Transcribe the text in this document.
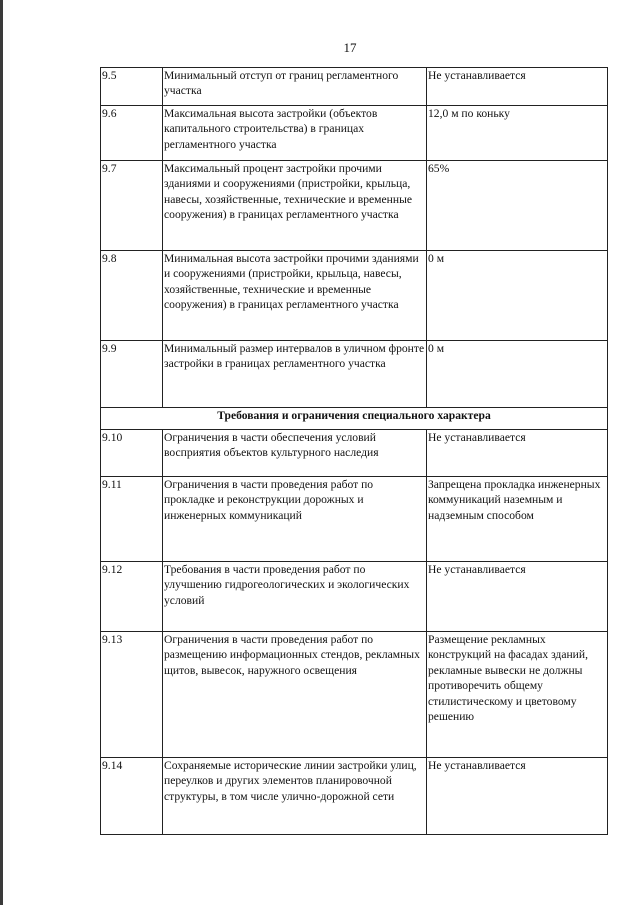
17
9.5	Минимальный отступ от границ регламентного участка	Не устанавливается
9.6	Максимальная высота застройки (объектов капитального строительства) в границах регламентного участка	12,0 м по коньку
9.7	Максимальный процент застройки прочими зданиями и сооружениями (пристройки, крыльца, навесы, хозяйственные, технические и временные сооружения) в границах регламентного участка	65%
9.8	Минимальная высота застройки прочими зданиями и сооружениями (пристройки, крыльца, навесы, хозяйственные, технические и временные сооружения) в границах регламентного участка	0 м
9.9	Минимальный размер интервалов в уличном фронте застройки в границах регламентного участка	0 м
Требования и ограничения специального характера		
9.10	Ограничения в части обеспечения условий восприятия объектов культурного наследия	Не устанавливается
9.11	Ограничения в части проведения работ по прокладке и реконструкции дорожных и инженерных коммуникаций	Запрещена прокладка инженерных коммуникаций наземным и надземным способом
9.12	Требования в части проведения работ по улучшению гидрогеологических и экологических условий	Не устанавливается
9.13	Ограничения в части проведения работ по размещению информационных стендов, рекламных щитов, вывесок, наружного освещения	Размещение рекламных конструкций на фасадах зданий, рекламные вывески не должны противоречить общему стилистическому и цветовому решению
9.14	Сохраняемые исторические линии застройки улиц, переулков и других элементов планировочной структуры, в том числе улично-дорожной сети	Не устанавливается
